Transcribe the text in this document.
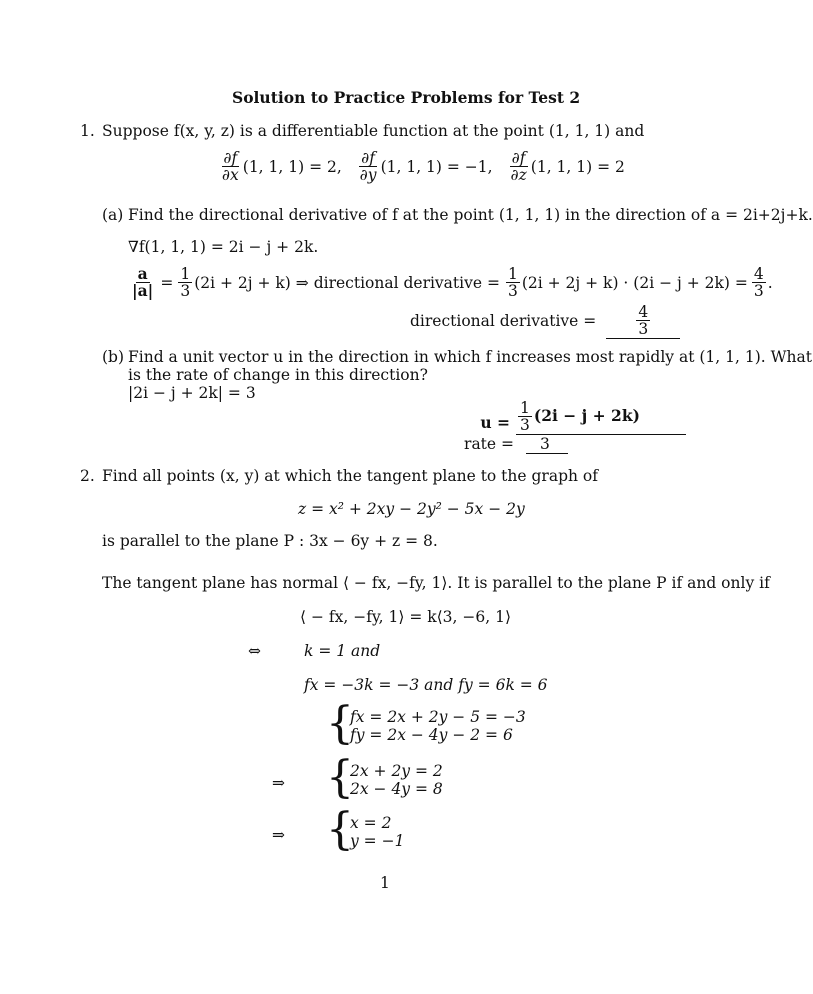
Solution to Practice Problems for Test 2
1. Suppose f(x, y, z) is a differentiable function at the point (1, 1, 1) and
$\frac{\partial f}{\partial x} (1$, 1, 1) = 2, $\frac{\partial f}{\partial y} (1$, 1, 1) = −1, $\frac{\partial f}{\partial z} (1$, 1, 1) = 2
(a) Find the directional derivative of f at the point (1, 1, 1) in the direction of a = 2i+2j+k.
∇f(1, 1, 1) = 2i − j + 2k.
$\frac{a}{|a|} = \frac{1}{3} (2i + 2j + k)$ ⇒ directional derivative = $\frac{1}{3} (2i + 2j + k) \cdot (2i - j + 2k) = \frac{4}{3}$ .
directional derivative =	$\frac{4}{3}$
(b) Find a unit vector u in the direction in which f increases most rapidly at (1, 1, 1). What
is the rate of change in this direction?
|2i − j + 2k| = 3
$u = \frac{1}{3} (2i - j + 2k)$
rate =	3
2. Find all points (x, y) at which the tangent plane to the graph of
z = x² + 2xy − 2y² − 5x − 2y
is parallel to the plane P : 3x − 6y + z = 8.
The tangent plane has normal ⟨ − fx, −fy, 1⟩. It is parallel to the plane P if and only if
⟨ − fx, −fy, 1⟩ = k⟨3, −6, 1⟩
⇔	k = 1 and
fx = −3k = −3 and fy = 6k = 6
{
fx = 2x + 2y − 5 = −3
fy = 2x − 4y − 2 = 6
⇒ {
2x + 2y = 2
2x − 4y = 8
⇒ {
x = 2
y = −1
1
